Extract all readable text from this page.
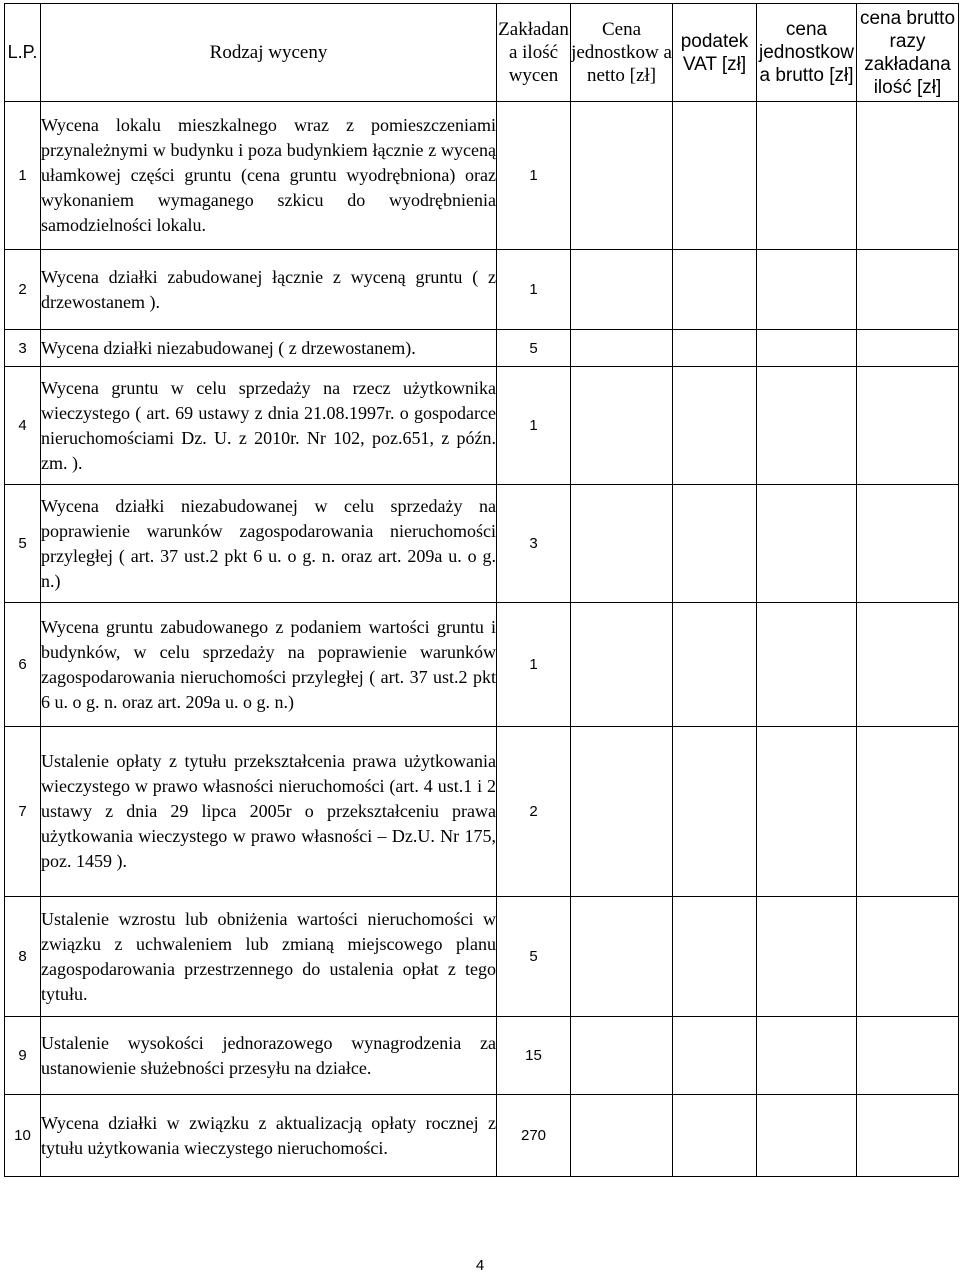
L.P.	Rodzaj wyceny	Zakładan a ilość wycen	Cena jednostkow a netto [zł]	podatek VAT [zł]	cena jednostkow a brutto [zł]	cena brutto razy zakładana ilość [zł]
1	Wycena lokalu mieszkalnego wraz z pomieszczeniami przynależnymi w budynku i poza budynkiem łącznie z wyceną ułamkowej części gruntu (cena gruntu wyodrębniona) oraz wykonaniem wymaganego szkicu do wyodrębnienia samodzielności lokalu.	1				
2	Wycena działki zabudowanej łącznie z wyceną gruntu ( z drzewostanem ).	1				
3	Wycena działki niezabudowanej ( z drzewostanem).	5				
4	Wycena gruntu w celu sprzedaży na rzecz użytkownika wieczystego ( art. 69 ustawy z dnia 21.08.1997r. o gospodarce nieruchomościami Dz. U. z 2010r. Nr 102, poz.651, z późn. zm. ).	1				
5	Wycena działki niezabudowanej w celu sprzedaży na poprawienie warunków zagospodarowania nieruchomości przyległej ( art. 37 ust.2 pkt 6 u. o g. n. oraz art. 209a u. o g. n.)	3				
6	Wycena gruntu zabudowanego z podaniem wartości gruntu i budynków, w celu sprzedaży na poprawienie warunków zagospodarowania nieruchomości przyległej ( art. 37 ust.2 pkt 6 u. o g. n. oraz art. 209a u. o g. n.)	1				
7	Ustalenie opłaty z tytułu przekształcenia prawa użytkowania wieczystego w prawo własności nieruchomości (art. 4 ust.1 i 2 ustawy z dnia 29 lipca 2005r o przekształceniu prawa użytkowania wieczystego w prawo własności – Dz.U. Nr 175, poz. 1459 ).	2				
8	Ustalenie wzrostu lub obniżenia wartości nieruchomości w związku z uchwaleniem lub zmianą miejscowego planu zagospodarowania przestrzennego do ustalenia opłat z tego tytułu.	5				
9	Ustalenie wysokości jednorazowego wynagrodzenia za ustanowienie służebności przesyłu na działce.	15				
10	Wycena działki w związku z aktualizacją opłaty rocznej z tytułu użytkowania wieczystego nieruchomości.	270				
4
